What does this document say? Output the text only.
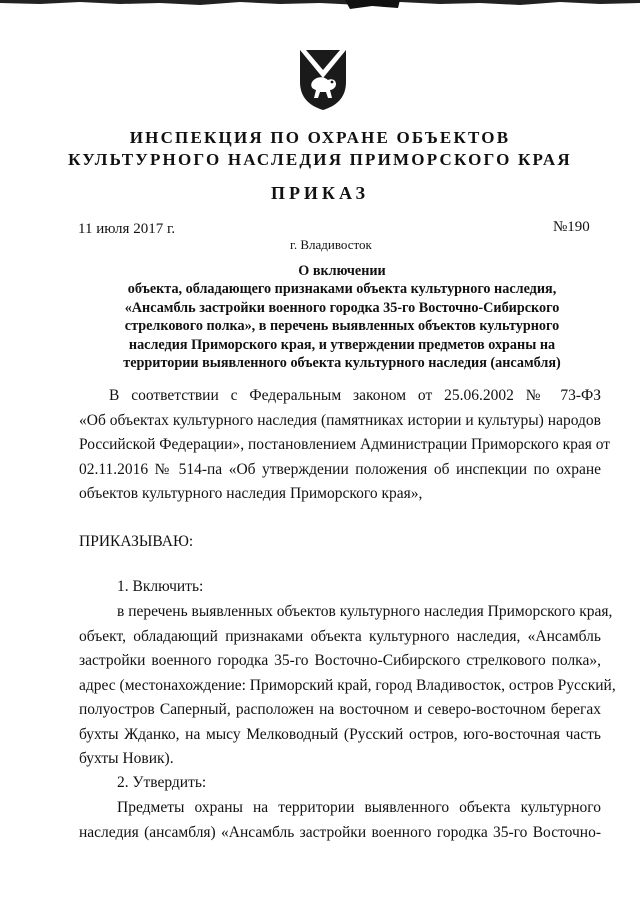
ИНСПЕКЦИЯ ПО ОХРАНЕ ОБЪЕКТОВ
КУЛЬТУРНОГО НАСЛЕДИЯ ПРИМОРСКОГО КРАЯ
ПРИКАЗ
11 июля 2017 г.	№190
г. Владивосток
О включении
объекта, обладающего признаками объекта культурного наследия,
«Ансамбль застройки военного городка 35-го Восточно-Сибирского
стрелкового полка», в перечень выявленных объектов культурного
наследия Приморского края, и утверждении предметов охраны на
территории выявленного объекта культурного наследия (ансамбля)
В соответствии с Федеральным законом от 25.06.2002 № 73-ФЗ
«Об объектах культурного наследия (памятниках истории и культуры) народов
Российской Федерации», постановлением Администрации Приморского края от
02.11.2016 № 514-па «Об утверждении положения об инспекции по охране
объектов культурного наследия Приморского края»,
ПРИКАЗЫВАЮ:
1. Включить:
в перечень выявленных объектов культурного наследия Приморского края,
объект, обладающий признаками объекта культурного наследия, «Ансамбль
застройки военного городка 35-го Восточно-Сибирского стрелкового полка»,
адрес (местонахождение: Приморский край, город Владивосток, остров Русский,
полуостров Саперный, расположен на восточном и северо-восточном берегах
бухты Жданко, на мысу Мелководный (Русский остров, юго-восточная часть
бухты Новик).
2. Утвердить:
Предметы охраны на территории выявленного объекта культурного
наследия (ансамбля) «Ансамбль застройки военного городка 35-го Восточно-
